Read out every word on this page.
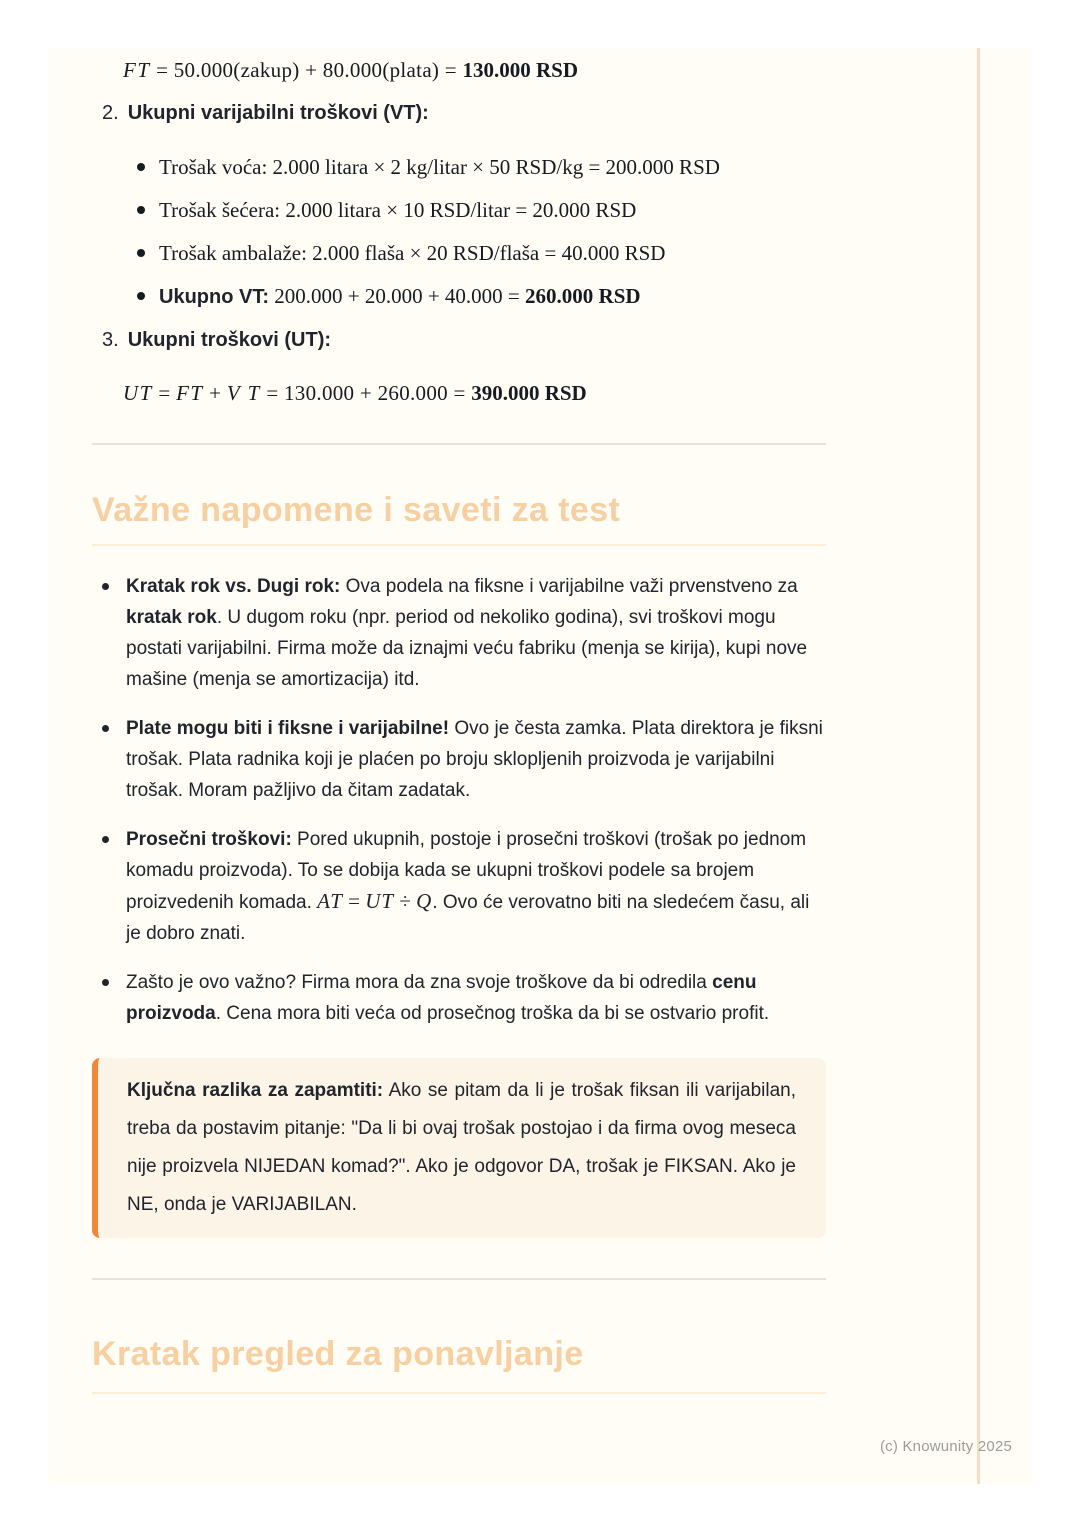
FT = 50.000(zakup) + 80.000(plata) = 130.000 RSD
2. Ukupni varijabilni troškovi (VT):
Trošak voća: 2.000 litara × 2 kg/litar × 50 RSD/kg = 200.000 RSD
Trošak šećera: 2.000 litara × 10 RSD/litar = 20.000 RSD
Trošak ambalaže: 2.000 flaša × 20 RSD/flaša = 40.000 RSD
Ukupno VT: 200.000 + 20.000 + 40.000 = 260.000 RSD
3. Ukupni troškovi (UT):
UT = FT + V T = 130.000 + 260.000 = 390.000 RSD
Važne napomene i saveti za test
Kratak rok vs. Dugi rok: Ova podela na fiksne i varijabilne važi prvenstveno za kratak rok. U dugom roku (npr. period od nekoliko godina), svi troškovi mogu postati varijabilni. Firma može da iznajmi veću fabriku (menja se kirija), kupi nove mašine (menja se amortizacija) itd.
Plate mogu biti i fiksne i varijabilne! Ovo je česta zamka. Plata direktora je fiksni trošak. Plata radnika koji je plaćen po broju sklopljenih proizvoda je varijabilni trošak. Moram pažljivo da čitam zadatak.
Prosečni troškovi: Pored ukupnih, postoje i prosečni troškovi (trošak po jednom komadu proizvoda). To se dobija kada se ukupni troškovi podele sa brojem proizvedenih komada. AT = UT ÷ Q. Ovo će verovatno biti na sledećem času, ali je dobro znati.
Zašto je ovo važno? Firma mora da zna svoje troškove da bi odredila cenu proizvoda. Cena mora biti veća od prosečnog troška da bi se ostvario profit.
Ključna razlika za zapamtiti: Ako se pitam da li je trošak fiksan ili varijabilan, treba da postavim pitanje: "Da li bi ovaj trošak postojao i da firma ovog meseca nije proizvela NIJEDAN komad?". Ako je odgovor DA, trošak je FIKSAN. Ako je NE, onda je VARIJABILAN.
Kratak pregled za ponavljanje
(c) Knowunity 2025
